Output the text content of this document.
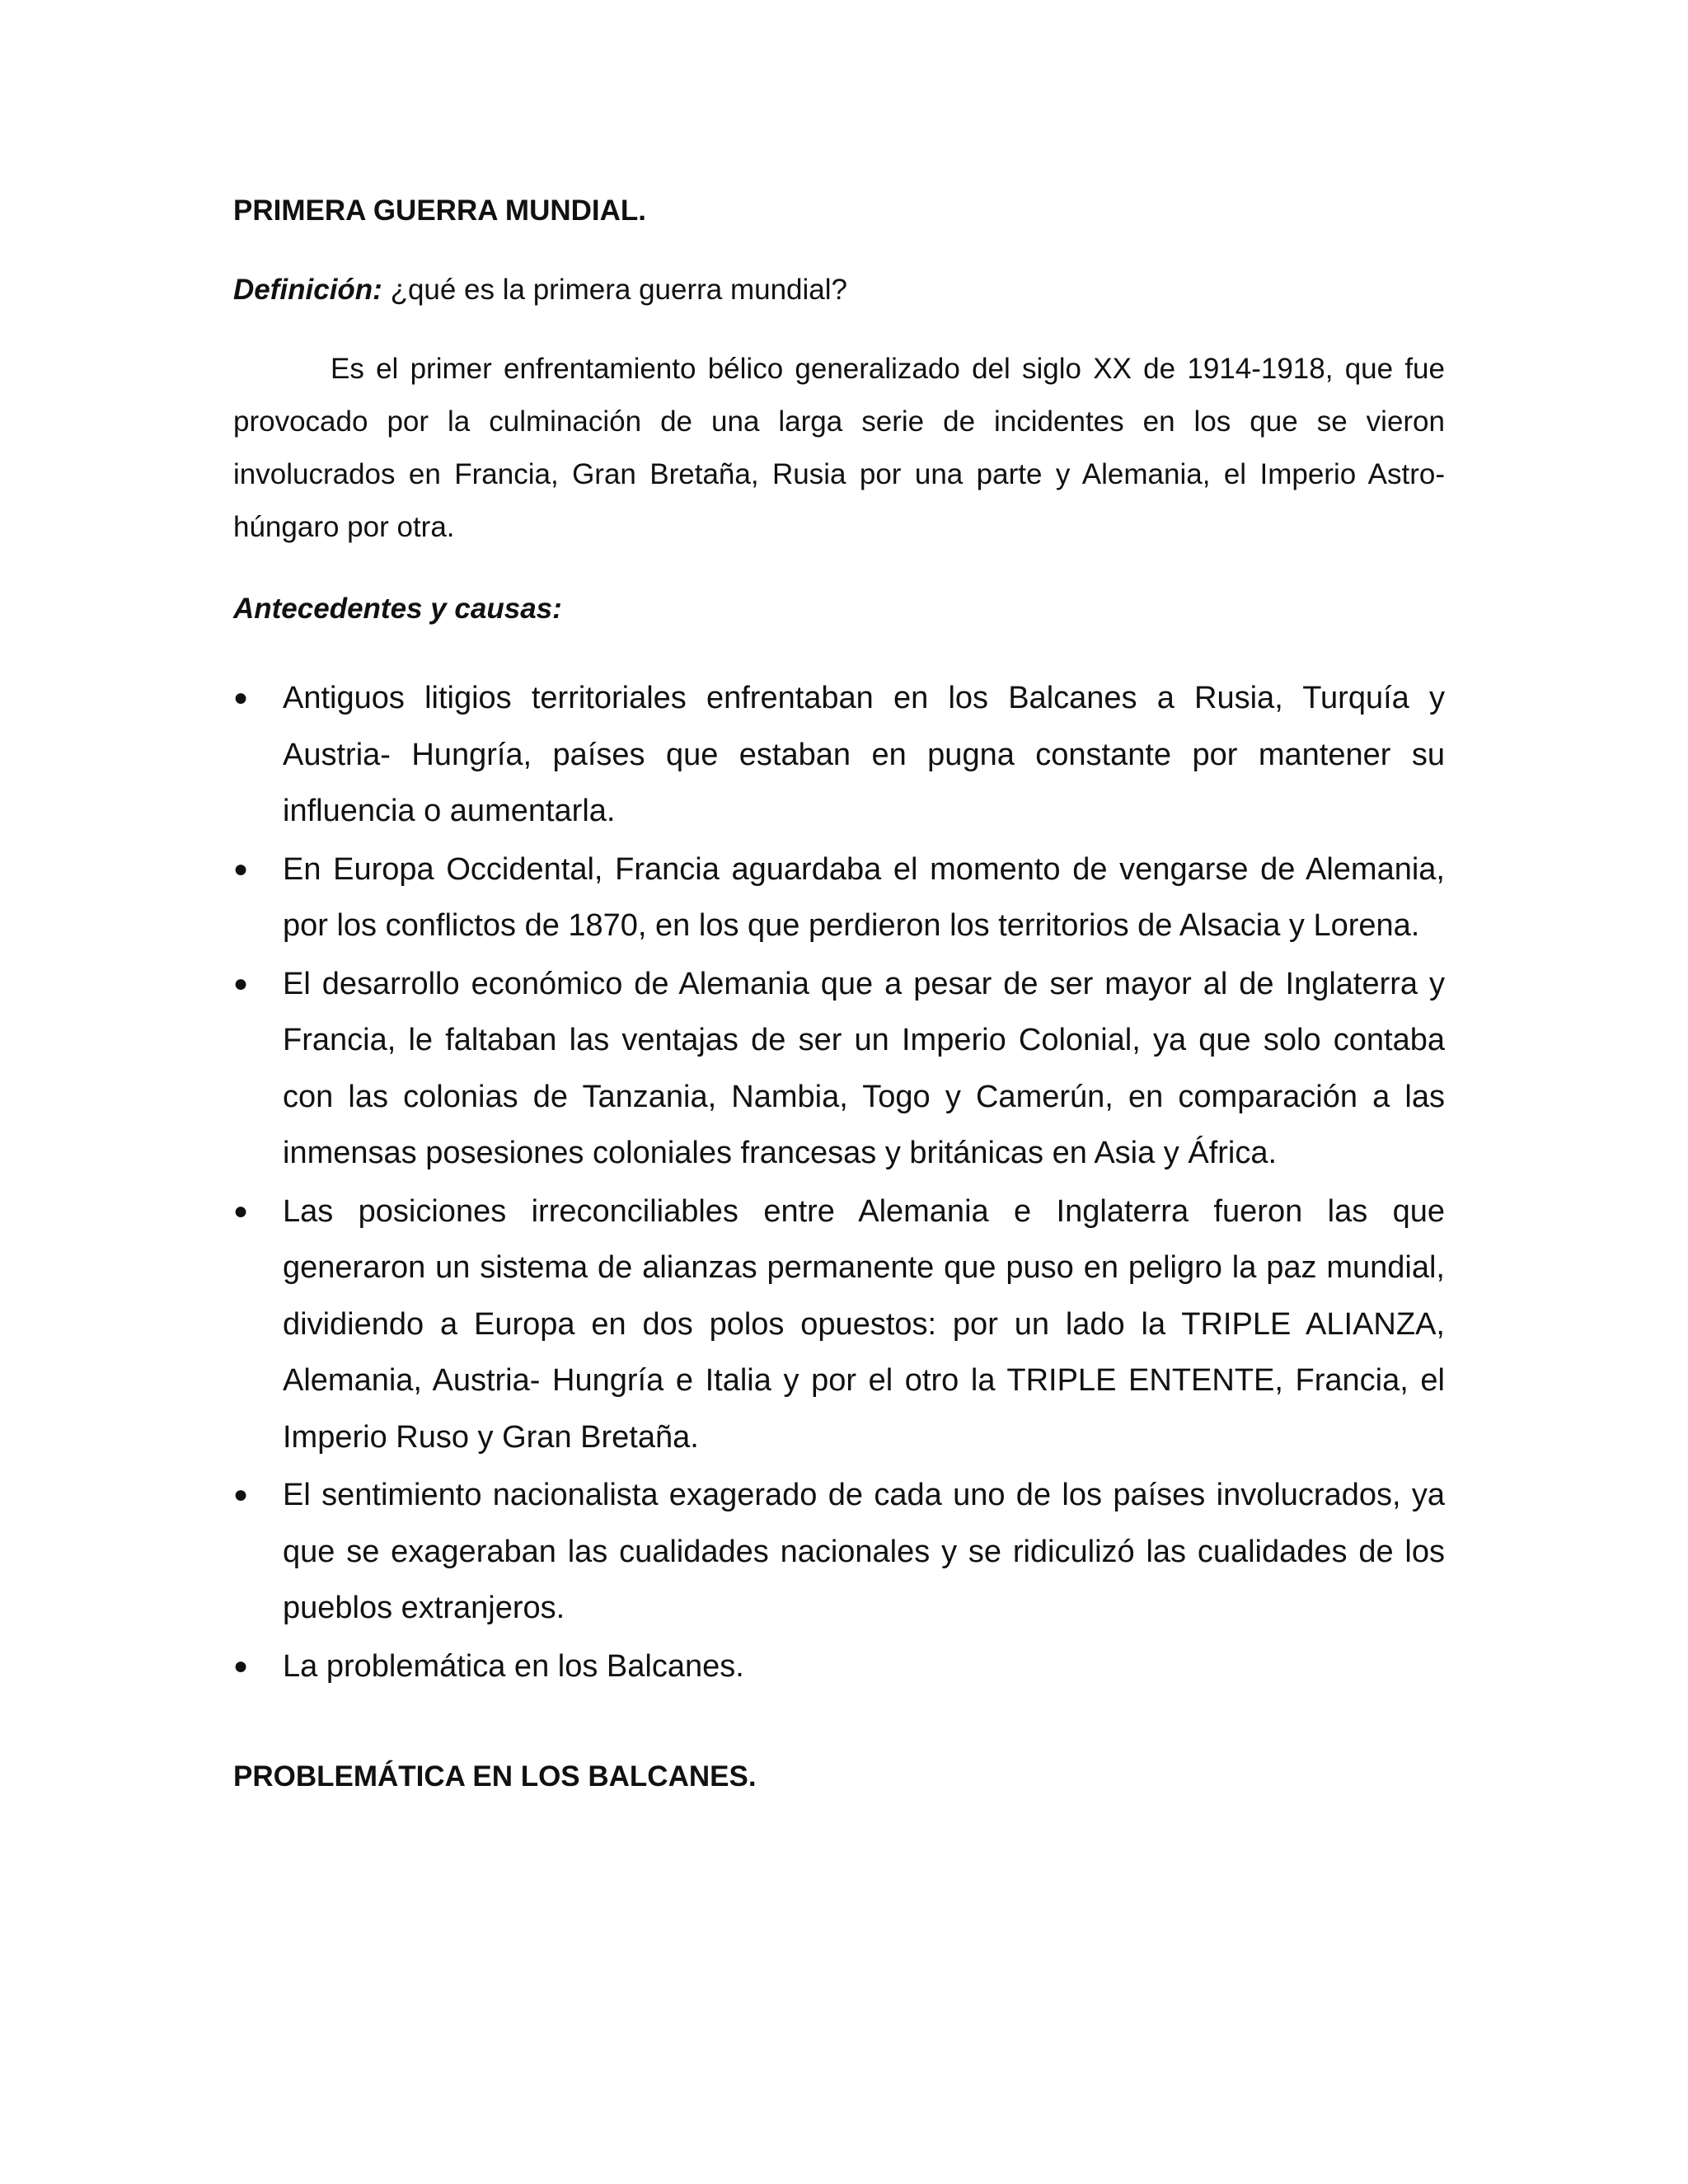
PRIMERA GUERRA MUNDIAL.

Definición: ¿qué es la primera guerra mundial?

Es el primer enfrentamiento bélico generalizado del siglo XX de 1914-1918, que fue provocado por la culminación de una larga serie de incidentes en los que se vieron involucrados en Francia, Gran Bretaña, Rusia por una parte y Alemania, el Imperio Astro-húngaro por otra.

Antecedentes y causas:

● Antiguos litigios territoriales enfrentaban en los Balcanes a Rusia, Turquía y Austria- Hungría, países que estaban en pugna constante por mantener su influencia o aumentarla.
● En Europa Occidental, Francia aguardaba el momento de vengarse de Alemania, por los conflictos de 1870, en los que perdieron los territorios de Alsacia y Lorena.
● El desarrollo económico de Alemania que a pesar de ser mayor al de Inglaterra y Francia, le faltaban las ventajas de ser un Imperio Colonial, ya que solo contaba con las colonias de Tanzania, Nambia, Togo y Camerún, en comparación a las inmensas posesiones coloniales francesas y británicas en Asia y África.
● Las posiciones irreconciliables entre Alemania e Inglaterra fueron las que generaron un sistema de alianzas permanente que puso en peligro la paz mundial, dividiendo a Europa en dos polos opuestos: por un lado la TRIPLE ALIANZA, Alemania, Austria- Hungría e Italia y por el otro la TRIPLE ENTENTE, Francia, el Imperio Ruso y Gran Bretaña.
● El sentimiento nacionalista exagerado de cada uno de los países involucrados, ya que se exageraban las cualidades nacionales y se ridiculizó las cualidades de los pueblos extranjeros.
● La problemática en los Balcanes.

PROBLEMÁTICA EN LOS BALCANES.
